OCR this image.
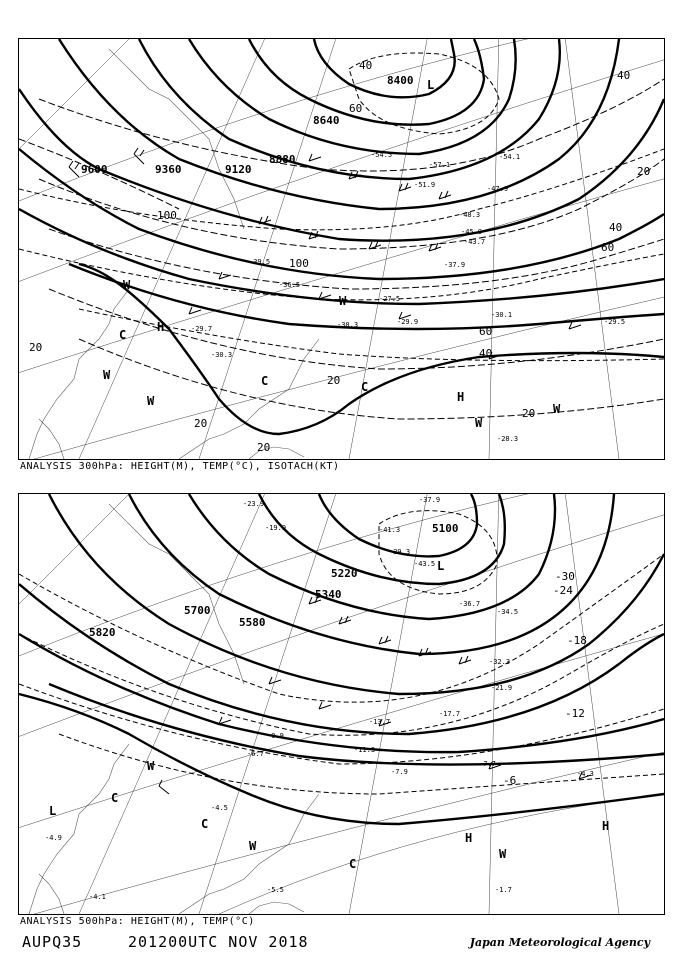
9600	9360	9120
8880
8640
8400
20
40
60
100
100
60
40
20
20
20
40
20
40
60
20
H
L
C
C	C
W
W
W
W	H
W
W
-54.5
-57.1
-51.9
-48.3
-45.9
-43.7
-37.9
-30.3
-27.5
-29.9
-30.1
-29.5
-28.3
-29.7
-30.3
-36.5
-39.5
-47.9
-54.1
ANALYSIS 300hPa: HEIGHT(M), TEMP(°C), ISOTACH(KT)
5820
5700
5580
5340
5220
5100
-24
-18
-12
-6
-30
L
C
C
C
W
W
W
H
H
L
-37.9
-41.3
-39.3
-43.5
-36.7
-34.5
-32.3
-21.9
-17.7
-13.7
-11.3
-7.9
-7.7
-4.3
-1.7
-4.5
-5.5
-9.9
-4.1
-4.9
-6.7
-23.9
-19.9
ANALYSIS 500hPa: HEIGHT(M), TEMP(°C)
AUPQ35	201200UTC NOV 2018	Japan Meteorological Agency
